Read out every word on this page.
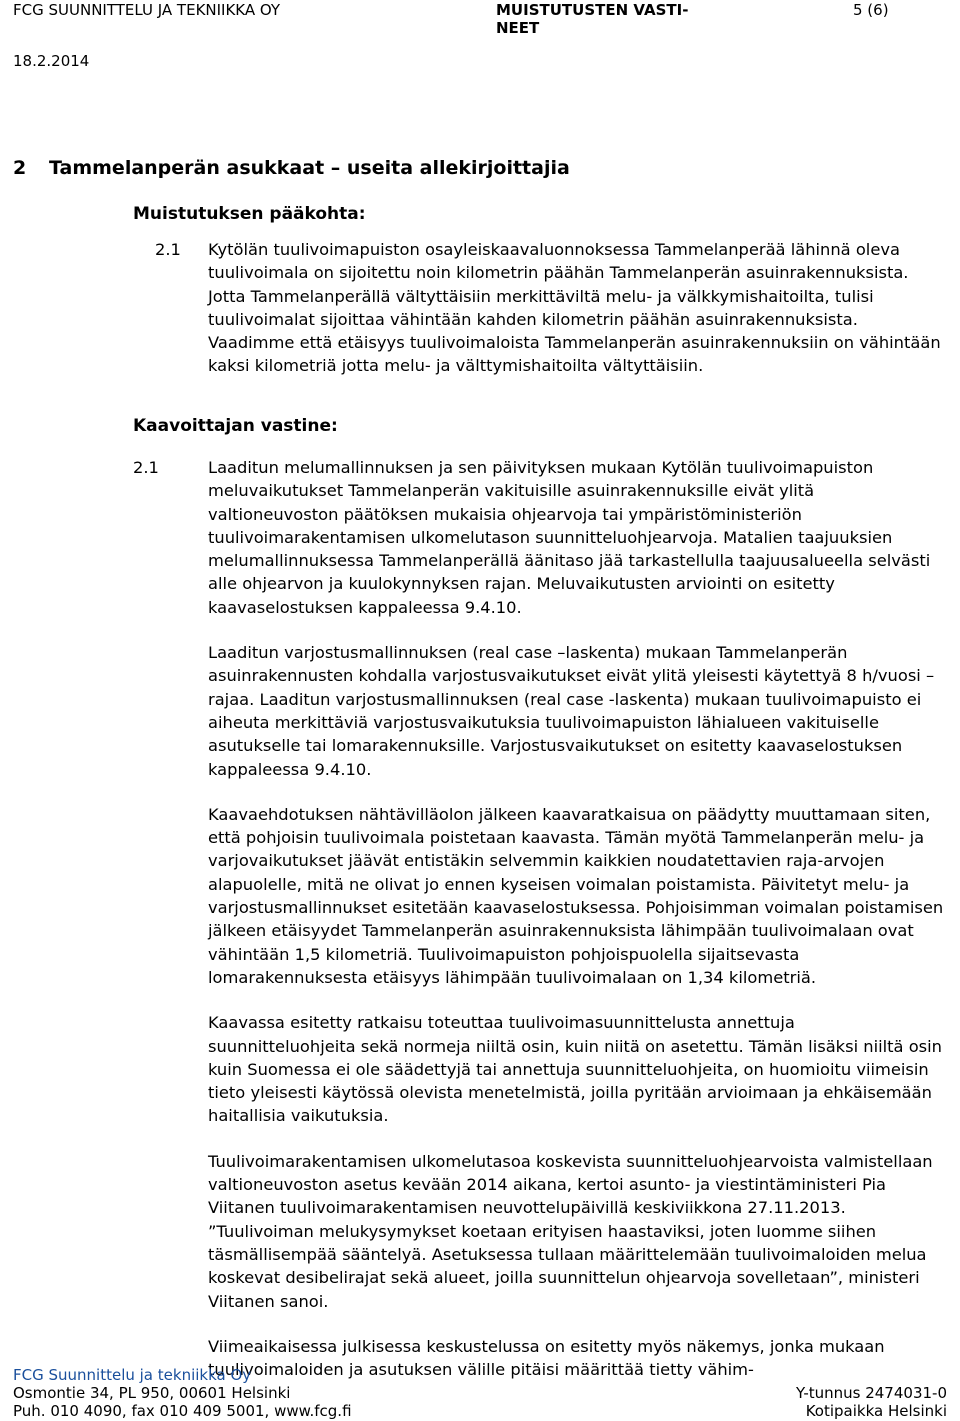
FCG SUUNNITTELU JA TEKNIIKKA OY
18.2.2014
MUISTUTUSTEN VASTI-NEET
5 (6)
2 Tammelanperän asukkaat – useita allekirjoittajia
Muistutuksen pääkohta:
2.1 Kytölän tuulivoimapuiston osayleiskaavaluonnoksessa Tammelanperää lähinnä oleva tuulivoimala on sijoitettu noin kilometrin päähän Tammelanperän asuinrakennuksista. Jotta Tammelanperällä vältyttäisiin merkittäviltä melu- ja välkkymishaitoilta, tulisi tuulivoimalat sijoittaa vähintään kahden kilometrin päähän asuinrakennuksista. Vaadimme että etäisyys tuulivoimaloista Tammelanperän asuinrakennuksiin on vähintään kaksi kilometriä jotta melu- ja välttymishaitoilta vältyttäisiin.

Kaavoittajan vastine:
2.1	Laaditun melumallinnuksen ja sen päivityksen mukaan Kytölän tuulivoimapuiston meluvaikutukset Tammelanperän vakituisille asuinrakennuksille eivät ylitä valtioneuvoston päätöksen mukaisia ohjearvoja tai ympäristöministeriön tuulivoimarakentamisen ulkomelutason suunnitteluohjearvoja. Matalien taajuuksien melumallinnuksessa Tammelanperällä äänitaso jää tarkastellulla taajuusalueella selvästi alle ohjearvon ja kuulokynnyksen rajan. Meluvaikutusten arviointi on esitetty kaavaselostuksen kappaleessa 9.4.10.

Laaditun varjostusmallinnuksen (real case –laskenta) mukaan Tammelanperän asuinrakennusten kohdalla varjostusvaikutukset eivät ylitä yleisesti käytettyä 8 h/vuosi –rajaa. Laaditun varjostusmallinnuksen (real case -laskenta) mukaan tuulivoimapuisto ei aiheuta merkittäviä varjostusvaikutuksia tuulivoimapuiston lähialueen vakituiselle asutukselle tai lomarakennuksille. Varjostusvaikutukset on esitetty kaavaselostuksen kappaleessa 9.4.10.

Kaavaehdotuksen nähtävilläolon jälkeen kaavaratkaisua on päädytty muuttamaan siten, että pohjoisin tuulivoimala poistetaan kaavasta. Tämän myötä Tammelanperän melu- ja varjovaikutukset jäävät entistäkin selvemmin kaikkien noudatettavien raja-arvojen alapuolelle, mitä ne olivat jo ennen kyseisen voimalan poistamista. Päivitetyt melu- ja varjostusmallinnukset esitetään kaavaselostuksessa. Pohjoisimman voimalan poistamisen jälkeen etäisyydet Tammelanperän asuinrakennuksista lähimpään tuulivoimalaan ovat vähintään 1,5 kilometriä. Tuulivoimapuiston pohjoispuolella sijaitsevasta lomarakennuksesta etäisyys lähimpään tuulivoimalaan on 1,34 kilometriä.

Kaavassa esitetty ratkaisu toteuttaa tuulivoimasuunnittelusta annettuja suunnitteluohjeita sekä normeja niiltä osin, kuin niitä on asetettu. Tämän lisäksi niiltä osin kuin Suomessa ei ole säädettyjä tai annettuja suunnitteluohjeita, on huomioitu viimeisin tieto yleisesti käytössä olevista menetelmistä, joilla pyritään arvioimaan ja ehkäisemään haitallisia vaikutuksia.

Tuulivoimarakentamisen ulkomelutasoa koskevista suunnitteluohjearvoista valmistellaan valtioneuvoston asetus kevään 2014 aikana, kertoi asunto- ja viestintäministeri Pia Viitanen tuulivoimarakentamisen neuvottelupäivillä keskiviikkona 27.11.2013. ”Tuulivoiman melukysymykset koetaan erityisen haastaviksi, joten luomme siihen täsmällisempää sääntelyä. Asetuksessa tullaan määrittelemään tuulivoimaloiden melua koskevat desibelirajat sekä alueet, joilla suunnittelun ohjearvoja sovelletaan”, ministeri Viitanen sanoi.

Viimeaikaisessa julkisessa keskustelussa on esitetty myös näkemys, jonka mukaan tuulivoimaloiden ja asutuksen välille pitäisi määrittää tietty vähim-

FCG Suunnittelu ja tekniikka Oy
Osmontie 34, PL 950, 00601 Helsinki
Puh. 010 4090, fax 010 409 5001, www.fcg.fi
Y-tunnus 2474031-0
Kotipaikka Helsinki
